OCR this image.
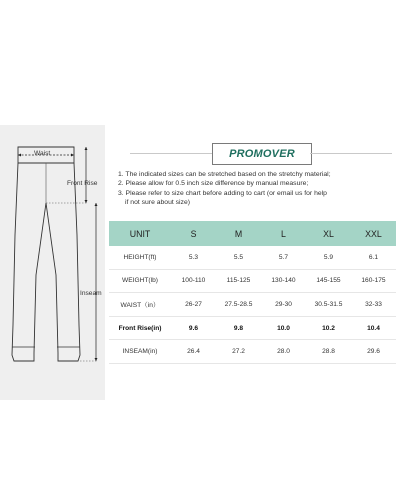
Waist
Front Rise
Inseam
PROMOVER

1. The indicated sizes can be stretched based on the stretchy material;

2. Please allow for 0.5 inch size difference by manual measure;

3. Please refer to size chart before adding to cart (or email us for help

if not sure about size)

UNIT	S	M	L	XL	XXL
HEIGHT(ft)	5.3	5.5	5.7	5.9	6.1
WEIGHT(lb)	100-110	115-125	130-140	145-155	160-175
WAIST（in）	26-27	27.5-28.5	29-30	30.5-31.5	32-33
Front Rise(in)	9.6	9.8	10.0	10.2	10.4
INSEAM(in)	26.4	27.2	28.0	28.8	29.6
